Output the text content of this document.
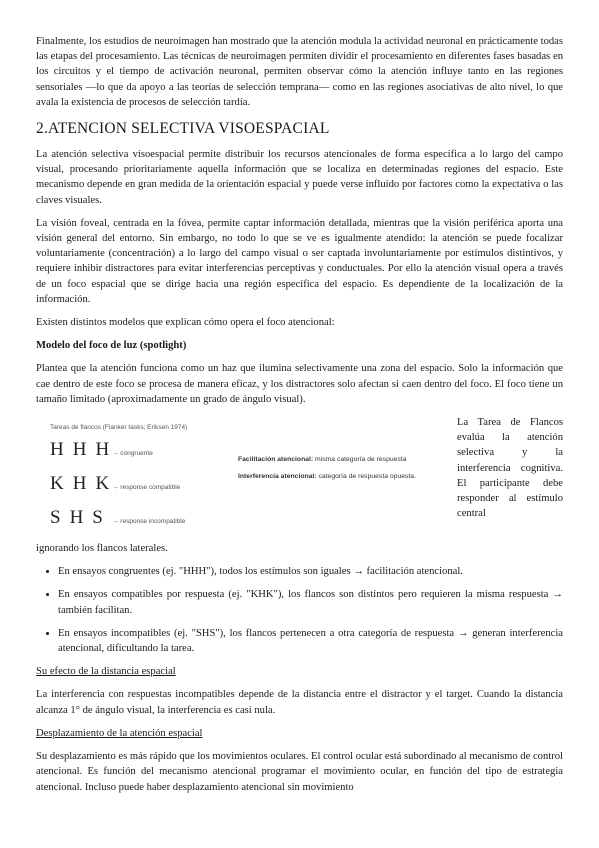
Finalmente, los estudios de neuroimagen han mostrado que la atención modula la actividad neuronal en prácticamente todas las etapas del procesamiento. Las técnicas de neuroimagen permiten dividir el procesamiento en diferentes fases basadas en los circuitos y el tiempo de activación neuronal, permiten observar cómo la atención influye tanto en las regiones sensoriales —lo que da apoyo a las teorías de selección temprana— como en las regiones asociativas de alto nivel, lo que avala la existencia de procesos de selección tardía.

2.ATENCION SELECTIVA VISOESPACIAL

La atención selectiva visoespacial permite distribuir los recursos atencionales de forma específica a lo largo del campo visual, procesando prioritariamente aquella información que se localiza en determinadas regiones del espacio. Este mecanismo depende en gran medida de la orientación espacial y puede verse influido por factores como la expectativa o las claves visuales.

La visión foveal, centrada en la fóvea, permite captar información detallada, mientras que la visión periférica aporta una visión general del entorno. Sin embargo, no todo lo que se ve es igualmente atendido: la atención se puede focalizar voluntariamente (concentración) a lo largo del campo visual o ser captada involuntariamente por estímulos distintivos, y requiere inhibir distractores para evitar interferencias perceptivas y conductuales. Por ello la atención visual opera a través de un foco espacial que se dirige hacia una región específica del espacio. Es dependiente de la localización de la información.

Existen distintos modelos que explican cómo opera el foco atencional:

Modelo del foco de luz (spotlight)

Plantea que la atención funciona como un haz que ilumina selectivamente una zona del espacio. Solo la información que cae dentro de este foco se procesa de manera eficaz, y los distractores solo afectan si caen dentro del foco. El foco tiene un tamaño limitado (aproximadamente un grado de ángulo visual).

Tareas de flancos (Flanker tasks; Eriksen 1974)
HHH
→ congruente
KHK
→ response compatible
SHS → response incompatible
Facilitación atencional: misma categoría de respuesta
Interferencia atencional: categoría de respuesta opuesta.

La Tarea de Flancos evalúa la atención selectiva y la interferencia cognitiva. El participante debe responder al estímulo central

ignorando los flancos laterales.

• En ensayos congruentes (ej. "HHH"), todos los estímulos son iguales → facilitación atencional.
• En ensayos compatibles por respuesta (ej. "KHK"), los flancos son distintos pero requieren la misma respuesta → también facilitan.
• En ensayos incompatibles (ej. "SHS"), los flancos pertenecen a otra categoría de respuesta → generan interferencia atencional, dificultando la tarea.

Su efecto de la distancia espacial

La interferencia con respuestas incompatibles depende de la distancia entre el distractor y el target. Cuando la distancia alcanza 1° de ángulo visual, la interferencia es casi nula.

Desplazamiento de la atención espacial

Su desplazamiento es más rápido que los movimientos oculares. El control ocular está subordinado al mecanismo de control atencional. Es función del mecanismo atencional programar el movimiento ocular, en función del tipo de estrategia atencional. Incluso puede haber desplazamiento atencional sin movimiento
